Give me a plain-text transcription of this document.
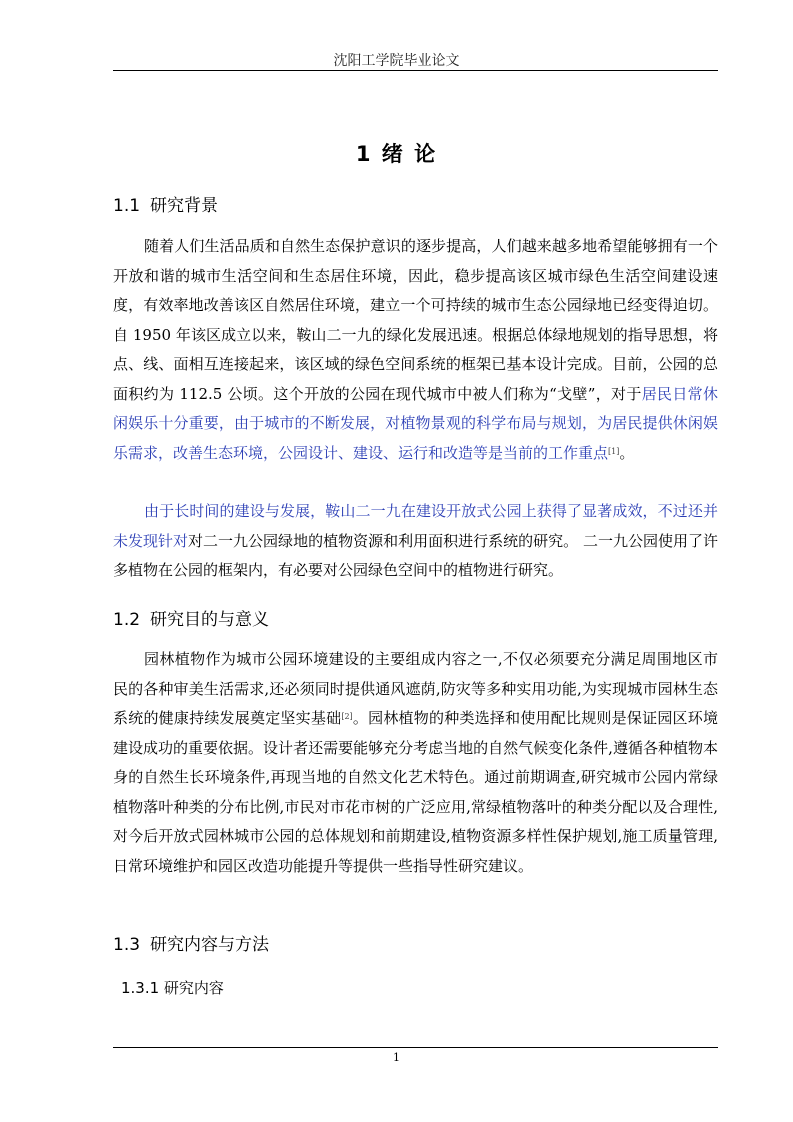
沈阳工学院毕业论文
1 绪 论
1.1 研究背景
随着人们生活品质和自然生态保护意识的逐步提高，人们越来越多地希望能够拥有一个开放和谐的城市生活空间和生态居住环境，因此，稳步提高该区城市绿色生活空间建设速度，有效率地改善该区自然居住环境，建立一个可持续的城市生态公园绿地已经变得迫切。自 1950 年该区成立以来，鞍山二一九的绿化发展迅速。根据总体绿地规划的指导思想，将点、线、面相互连接起来，该区域的绿色空间系统的框架已基本设计完成。目前，公园的总面积约为 112.5 公顷。这个开放的公园在现代城市中被人们称为“戈壁”，对于居民日常休闲娱乐十分重要，由于城市的不断发展，对植物景观的科学布局与规划，为居民提供休闲娱乐需求，改善生态环境，公园设计、建设、运行和改造等是当前的工作重点[1]。
由于长时间的建设与发展，鞍山二一九在建设开放式公园上获得了显著成效，不过还并未发现针对对二一九公园绿地的植物资源和利用面积进行系统的研究。 二一九公园使用了许多植物在公园的框架内，有必要对公园绿色空间中的植物进行研究。
1.2 研究目的与意义
园林植物作为城市公园环境建设的主要组成内容之一,不仅必须要充分满足周围地区市民的各种审美生活需求,还必须同时提供通风遮荫,防灾等多种实用功能,为实现城市园林生态系统的健康持续发展奠定坚实基础[2]。园林植物的种类选择和使用配比规则是保证园区环境建设成功的重要依据。设计者还需要能够充分考虑当地的自然气候变化条件,遵循各种植物本身的自然生长环境条件,再现当地的自然文化艺术特色。通过前期调查,研究城市公园内常绿植物落叶种类的分布比例,市民对市花市树的广泛应用,常绿植物落叶的种类分配以及合理性,对今后开放式园林城市公园的总体规划和前期建设,植物资源多样性保护规划,施工质量管理,日常环境维护和园区改造功能提升等提供一些指导性研究建议。
1.3 研究内容与方法
1.3.1 研究内容
1
